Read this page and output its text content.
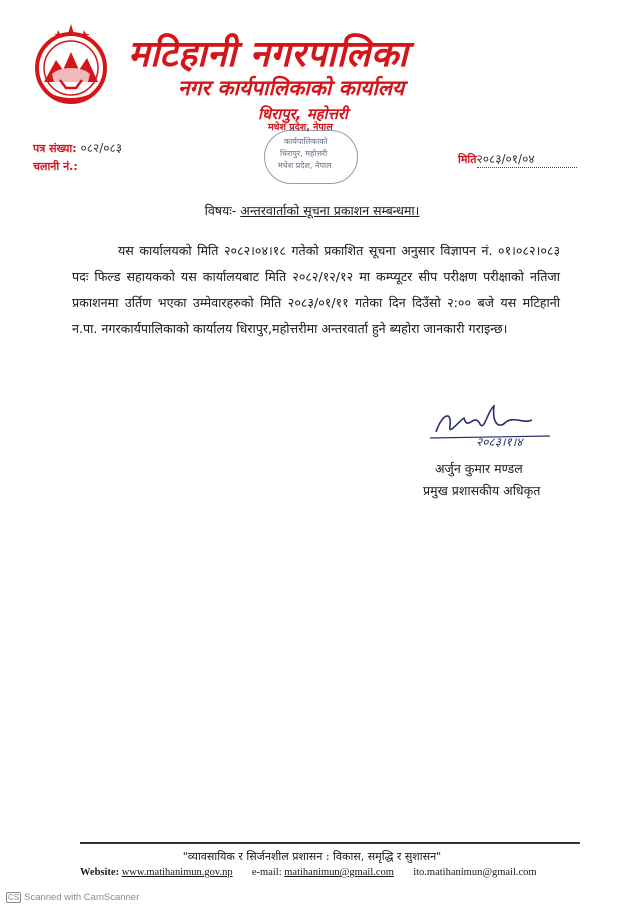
मटिहानी नगरपालिका
नगर कार्यपालिकाको कार्यालय
धिरापुर, महोत्तरी
मधेश प्रदेश, नेपाल
कार्यपालिकाको
धिरापुर, महोत्तरी
मधेश प्रदेश, नेपाल
पत्र संख्या: ०८२/०८३
चलानी नं.:
मिति२०८३/०१/०४
विषयः- अन्तरवार्ताको सूचना प्रकाशन सम्बन्धमा।
यस कार्यालयको मिति २०८२।०४।१८ गतेको प्रकाशित सूचना अनुसार विज्ञापन नं. ०१।०८२।०८३ पदः फिल्ड सहायकको यस कार्यालयबाट मिति २०८२/१२/१२ मा कम्प्यूटर सीप परीक्षण परीक्षाको नतिजा प्रकाशनमा उर्तिण भएका उम्मेवारहरुको मिति २०८३/०१/११ गतेका दिन दिउँसो २:०० बजे यस मटिहानी न.पा. नगरकार्यपालिकाको कार्यालय धिरापुर,महोत्तरीमा अन्तरवार्ता हुने ब्यहोरा जानकारी गराइन्छ।
२०८३।१।४
अर्जुन कुमार मण्डल
प्रमुख प्रशासकीय अधिकृत
"व्यावसायिक र सिर्जनशील प्रशासन : विकास, समृद्धि र सुशासन"
Website: www.matihanimun.gov.np e-mail: matihanimun@gmail.com ito.matihanimun@gmail.com
CS Scanned with CamScanner
